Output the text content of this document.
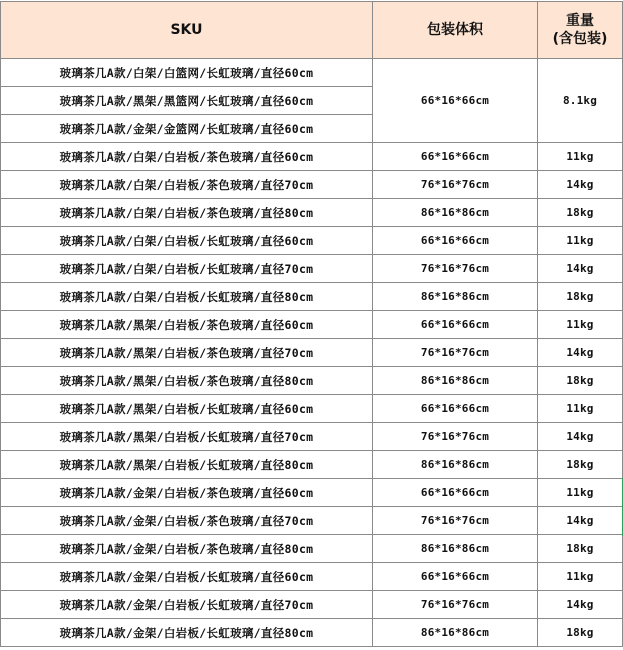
SKU	包装体积	重量
(含包装)

玻璃茶几A款/白架/白篮网/长虹玻璃/直径60cm	66*16*66cm	8.1kg
玻璃茶几A款/黑架/黑篮网/长虹玻璃/直径60cm		
玻璃茶几A款/金架/金篮网/长虹玻璃/直径60cm		
玻璃茶几A款/白架/白岩板/茶色玻璃/直径60cm	66*16*66cm	11kg
玻璃茶几A款/白架/白岩板/茶色玻璃/直径70cm	76*16*76cm	14kg
玻璃茶几A款/白架/白岩板/茶色玻璃/直径80cm	86*16*86cm	18kg
玻璃茶几A款/白架/白岩板/长虹玻璃/直径60cm	66*16*66cm	11kg
玻璃茶几A款/白架/白岩板/长虹玻璃/直径70cm	76*16*76cm	14kg
玻璃茶几A款/白架/白岩板/长虹玻璃/直径80cm	86*16*86cm	18kg
玻璃茶几A款/黑架/白岩板/茶色玻璃/直径60cm	66*16*66cm	11kg
玻璃茶几A款/黑架/白岩板/茶色玻璃/直径70cm	76*16*76cm	14kg
玻璃茶几A款/黑架/白岩板/茶色玻璃/直径80cm	86*16*86cm	18kg
玻璃茶几A款/黑架/白岩板/长虹玻璃/直径60cm	66*16*66cm	11kg
玻璃茶几A款/黑架/白岩板/长虹玻璃/直径70cm	76*16*76cm	14kg
玻璃茶几A款/黑架/白岩板/长虹玻璃/直径80cm	86*16*86cm	18kg
玻璃茶几A款/金架/白岩板/茶色玻璃/直径60cm	66*16*66cm	11kg
玻璃茶几A款/金架/白岩板/茶色玻璃/直径70cm	76*16*76cm	14kg
玻璃茶几A款/金架/白岩板/茶色玻璃/直径80cm	86*16*86cm	18kg
玻璃茶几A款/金架/白岩板/长虹玻璃/直径60cm	66*16*66cm	11kg
玻璃茶几A款/金架/白岩板/长虹玻璃/直径70cm	76*16*76cm	14kg
玻璃茶几A款/金架/白岩板/长虹玻璃/直径80cm	86*16*86cm	18kg
